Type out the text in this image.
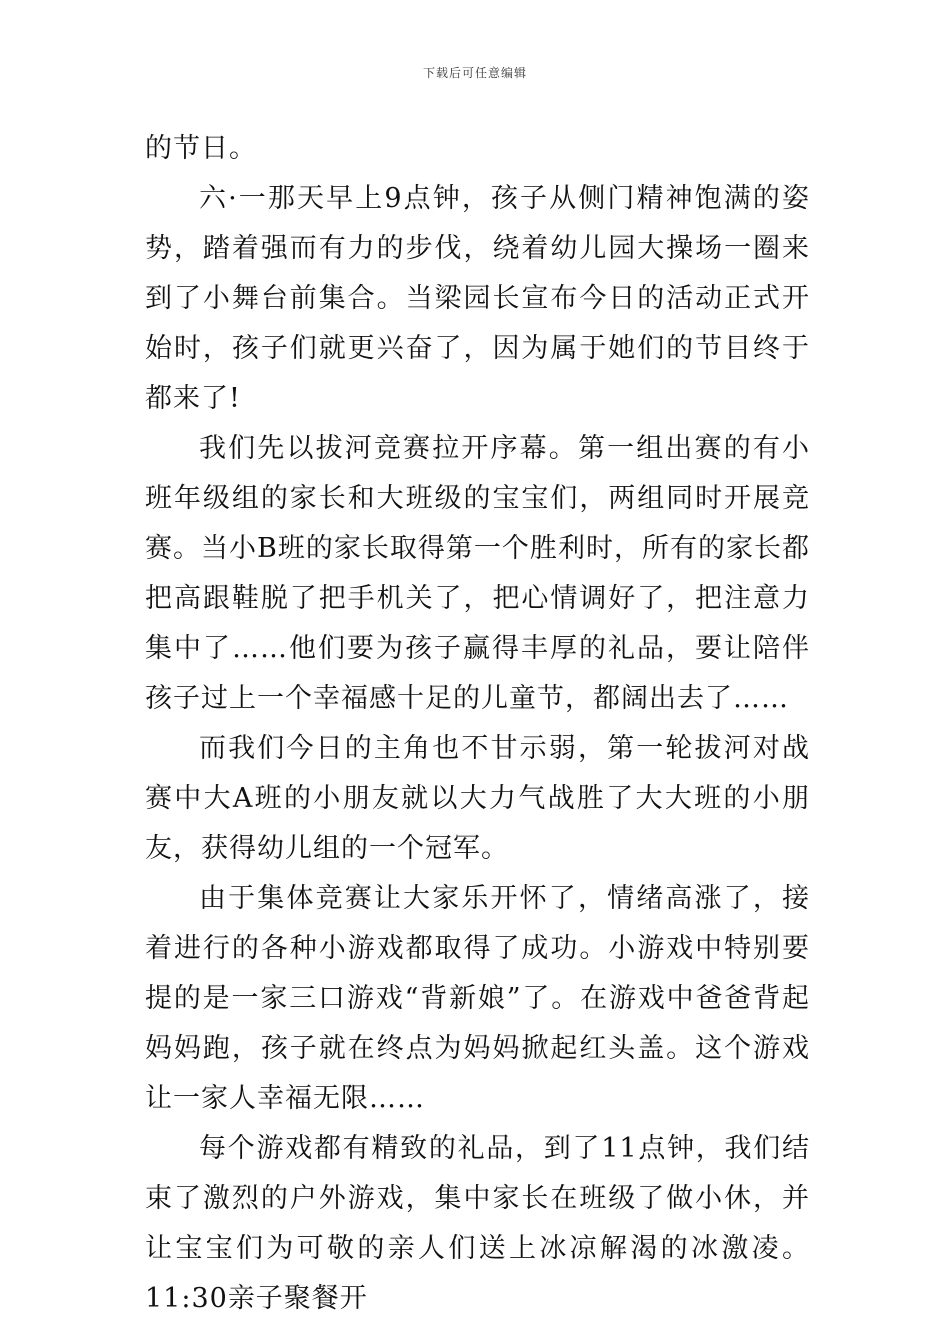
下载后可任意编辑

的节日。

六·一那天早上9点钟，孩子从侧门精神饱满的姿势，踏着强而有力的步伐，绕着幼儿园大操场一圈来到了小舞台前集合。当梁园长宣布今日的活动正式开始时，孩子们就更兴奋了，因为属于她们的节目终于都来了!

我们先以拔河竞赛拉开序幕。第一组出赛的有小班年级组的家长和大班级的宝宝们，两组同时开展竞赛。当小B班的家长取得第一个胜利时，所有的家长都把高跟鞋脱了把手机关了，把心情调好了，把注意力集中了……他们要为孩子赢得丰厚的礼品，要让陪伴孩子过上一个幸福感十足的儿童节，都阔出去了……

而我们今日的主角也不甘示弱，第一轮拔河对战赛中大A班的小朋友就以大力气战胜了大大班的小朋友，获得幼儿组的一个冠军。

由于集体竞赛让大家乐开怀了，情绪高涨了，接着进行的各种小游戏都取得了成功。小游戏中特别要提的是一家三口游戏“背新娘”了。在游戏中爸爸背起妈妈跑，孩子就在终点为妈妈掀起红头盖。这个游戏让一家人幸福无限……

每个游戏都有精致的礼品，到了11点钟，我们结束了激烈的户外游戏，集中家长在班级了做小休，并让宝宝们为可敬的亲人们送上冰凉解渴的冰激凌。11:30亲子聚餐开
